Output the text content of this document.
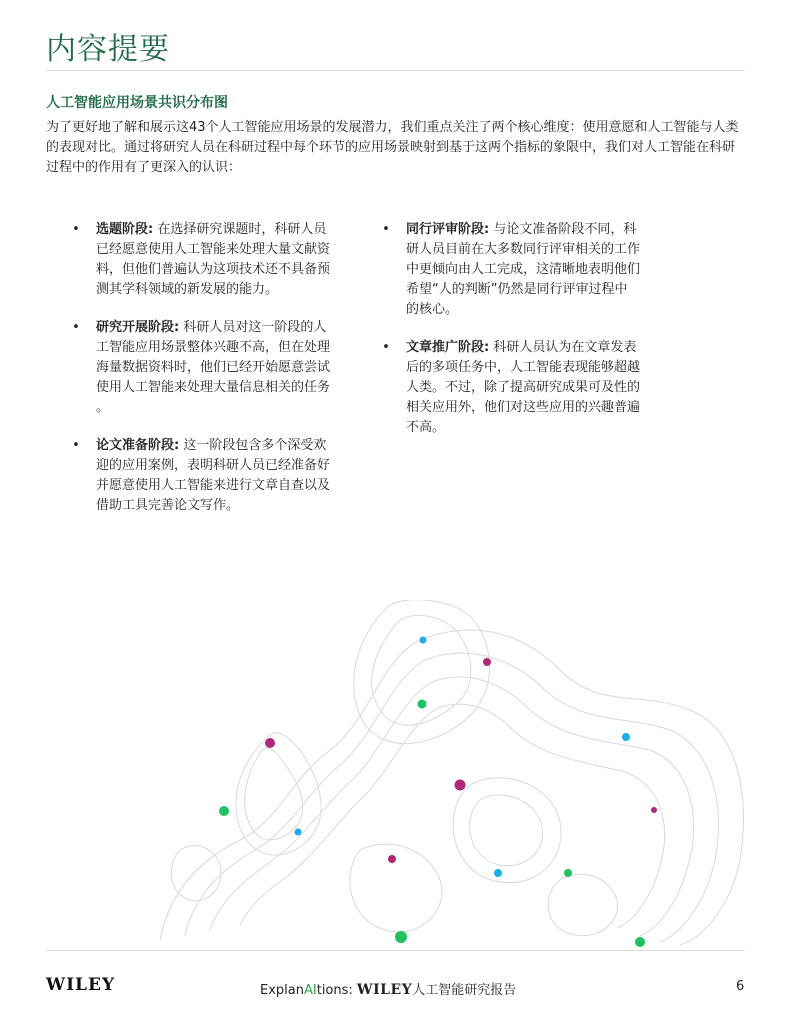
内容提要
人工智能应用场景共识分布图
为了更好地了解和展示这43个人工智能应用场景的发展潜力，我们重点关注了两个核心维度：使用意愿和人工智能与人类的表现对比。通过将研究人员在科研过程中每个环节的应用场景映射到基于这两个指标的象限中，我们对人工智能在科研过程中的作用有了更深入的认识：
• 选题阶段: 在选择研究课题时，科研人员已经愿意使用人工智能来处理大量文献资料，但他们普遍认为这项技术还不具备预测其学科领域的新发展的能力。
• 研究开展阶段: 科研人员对这一阶段的人工智能应用场景整体兴趣不高，但在处理海量数据资料时，他们已经开始愿意尝试使用人工智能来处理大量信息相关的任务 。
• 论文准备阶段: 这一阶段包含多个深受欢迎的应用案例，表明科研人员已经准备好并愿意使用人工智能来进行文章自查以及借助工具完善论文写作。
• 同行评审阶段: 与论文准备阶段不同，科研人员目前在大多数同行评审相关的工作中更倾向由人工完成，这清晰地表明他们希望“人的判断”仍然是同行评审过程中的核心。
• 文章推广阶段: 科研人员认为在文章发表后的多项任务中，人工智能表现能够超越人类。不过，除了提高研究成果可及性的相关应用外，他们对这些应用的兴趣普遍不高。
WILEY	ExplanAItions: WILEY人工智能研究报告	6
